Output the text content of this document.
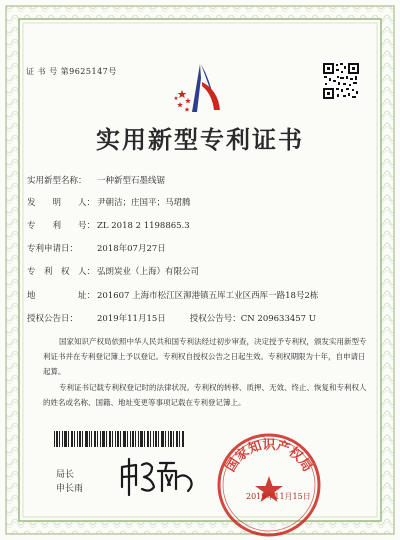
证 书 号 第9625147号
实用新型专利证书
实用新型名称： 一种新型石墨线锯
发　　明　　人： 尹朝洁；庄国平；马珺腾
专　　利　　号： ZL 2018 2 1198865.3
专利申请日： 2018年07月27日
专　利　权　人： 弘朗炭业（上海）有限公司
地　　　　　址： 201607 上海市松江区泖港镇五厍工业区西厍一路18号2栋
授权公告日： 2019年11月15日	授权公告号：CN 209633457 U
国家知识产权局依照中华人民共和国专利法经过初步审查，决定授予专利权，颁发实用新型专利证书并在专利登记簿上予以登记。专利权自授权公告之日起生效。专利权期限为十年，自申请日起算。
专利证书记载专利权登记时的法律状况。专利权的转移、质押、无效、终止、恢复和专利权人的姓名或名称、国籍、地址变更等事项记载在专利登记簿上。
局长
申长雨
国家知识产权局
2019年11月15日
